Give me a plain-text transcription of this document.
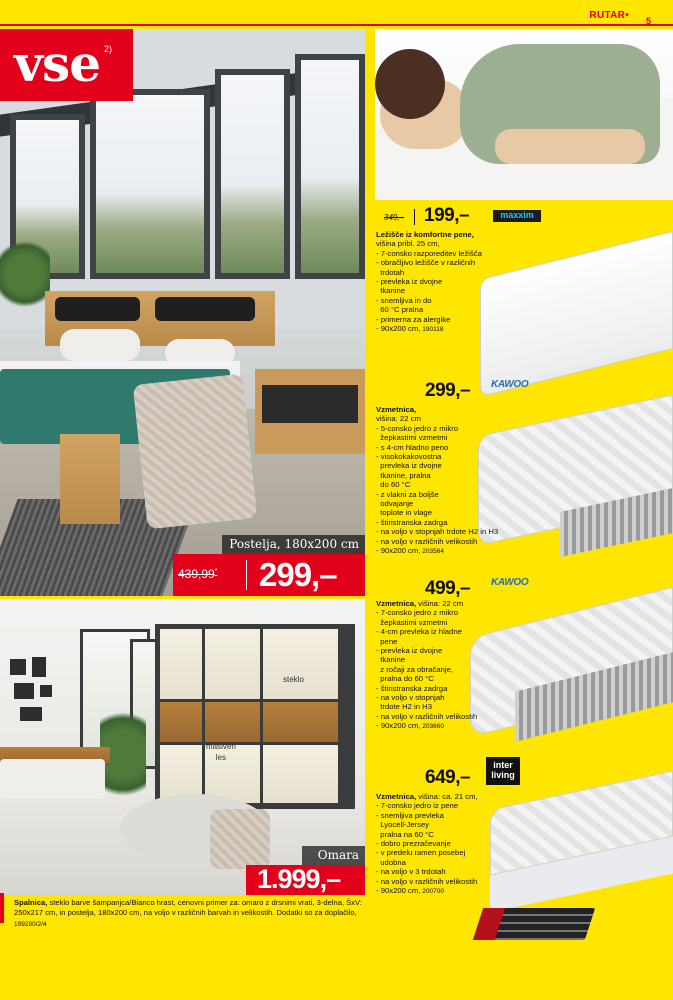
RUTAR• 5
vse 2)
Postelja, 180x200 cm
439,99* 299,–
steklo
masiven
les
Omara
1.999,–
Spalnica, steklo barve šampanjca/Bianco hrast, cenovni primer za: omaro z drsnimi vrati, 3-delna, ŠxV: 250x217 cm, in postelja, 180x200 cm, na voljo v različnih barvah in velikostih. Dodatki so za doplačilo, 199280/2/4
349,– 199,–	maxxim
Ležišče iz komfortne pene,
višina pribl. 25 cm,
- 7-consko razporeditev ležišča
- obračljivo ležišče v različnih
trdotah
- prevleka iz dvojne
tkanine
- snemljiva in do
60 °C pralna
- primerna za alergike
- 90x200 cm, 190118
299,– KAWOO
Vzmetnica,
višina: 22 cm
- 5-consko jedro z mikro
žepkastimi vzmetmi
- s 4-cm hladno peno
- visokokakovostna
prevleka iz dvojne
tkanine, pralna
do 60 °C
- z vlakni za boljše
odvajanje
toplote in vlage
- štiristranska zadrga
- na voljo v stopnjah trdote H2 in H3
- na voljo v različnih velikostih
- 90x200 cm, 203564
499,– KAWOO
Vzmetnica, višina: 22 cm
- 7-consko jedro z mikro
žepkastimi vzmetmi
- 4-cm prevleka iz hladne
pene
- prevleka iz dvojne
tkanine
z ročaji za obračanje,
pralna do 60 °C
- štiristranska zadrga
- na voljo v stopnjah
trdote H2 in H3
- na voljo v različnih velikostih
- 90x200 cm, 203660
649,–
inter
living
Vzmetnica, višina: ca. 21 cm,
- 7-consko jedro iz pene
- snemljiva prevleka
Lyocell-Jersey
pralna na 60 °C
- dobro prezračevanje
- v predelu ramen posebej
udobna
- na voljo v 3 trdotah
- na voljo v različnih velikostih
- 90x200 cm, 200700
